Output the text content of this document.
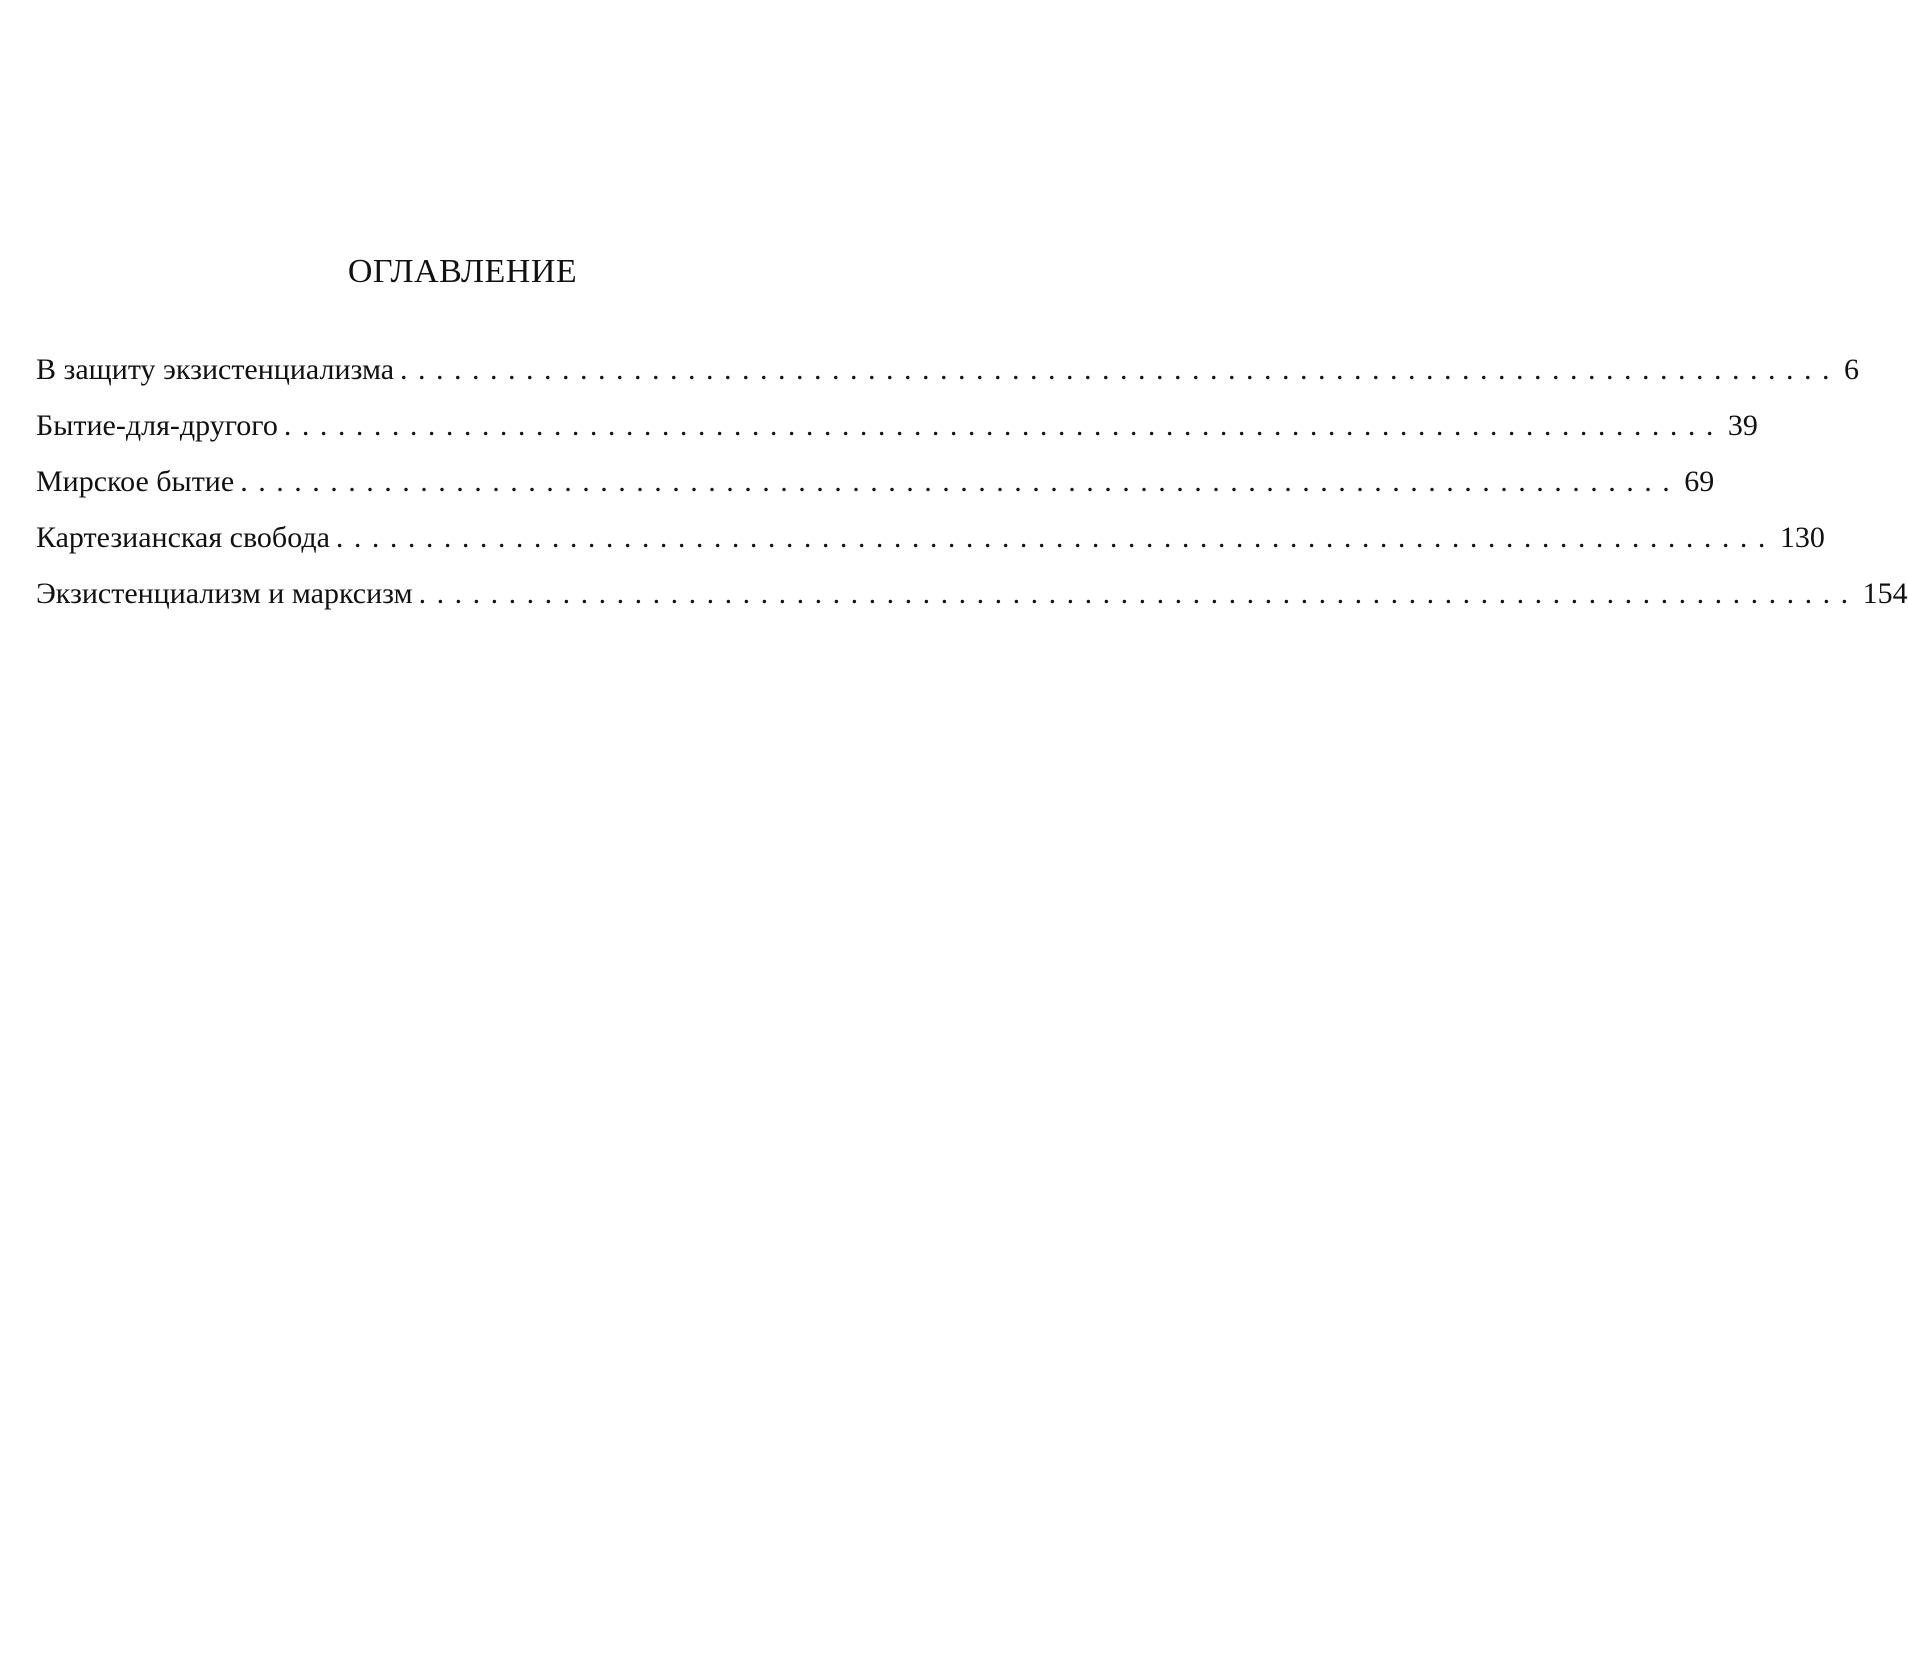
ОГЛАВЛЕНИЕ
В защиту экзистенциализма ................................................................................ 6
Бытие-для-другого ................................................................................ 39
Мирское бытие ................................................................................ 69
Картезианская свобода ................................................................................ 130
Экзистенциализм и марксизм ................................................................................ 154
